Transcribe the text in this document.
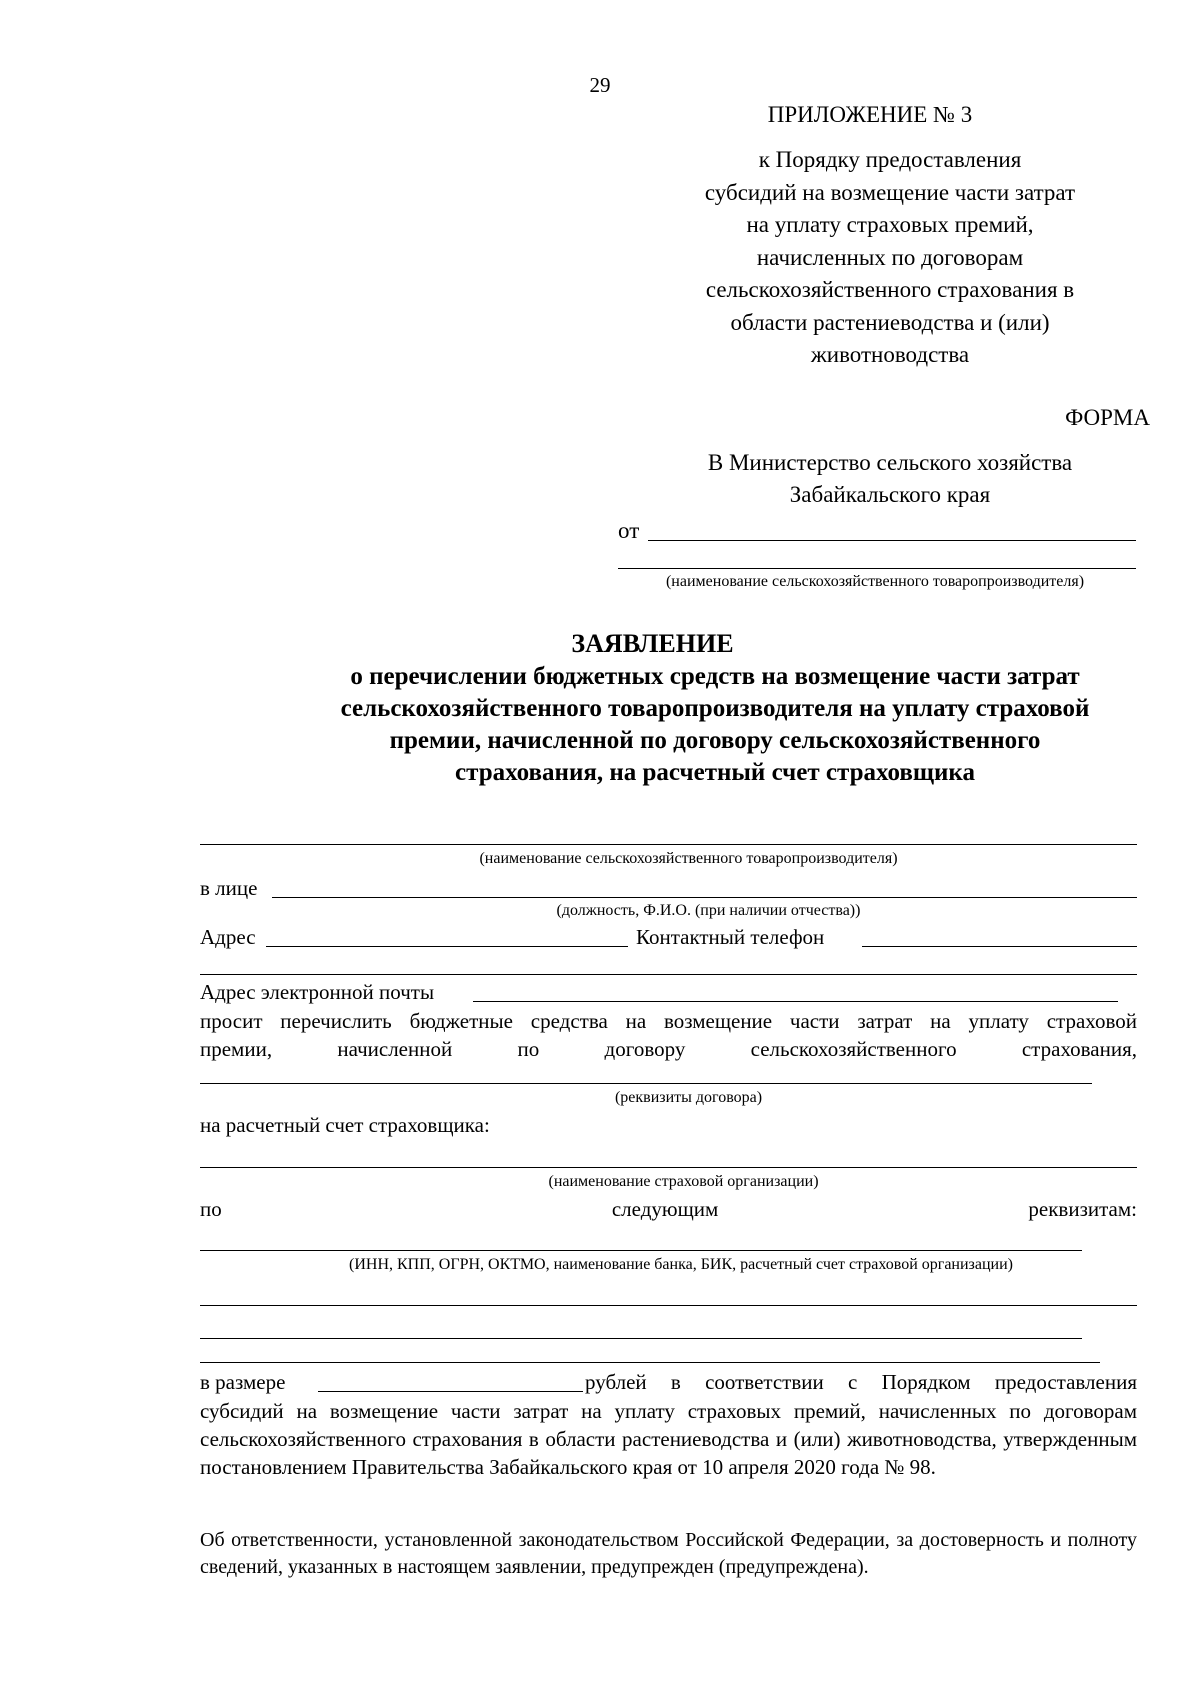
29
ПРИЛОЖЕНИЕ № 3
к Порядку предоставления
субсидий на возмещение части затрат
на уплату страховых премий,
начисленных по договорам
сельскохозяйственного страхования в
области растениеводства и (или)
животноводства
ФОРМА
В Министерство сельского хозяйства
Забайкальского края
от
(наименование сельскохозяйственного товаропроизводителя)
ЗАЯВЛЕНИЕ
о перечислении бюджетных средств на возмещение части затрат
сельскохозяйственного товаропроизводителя на уплату страховой
премии, начисленной по договору сельскохозяйственного
страхования, на расчетный счет страховщика
(наименование сельскохозяйственного товаропроизводителя)
в лице
(должность, Ф.И.О. (при наличии отчества))
Адрес	Контактный телефон
Адрес электронной почты
просит перечислить бюджетные средства на возмещение части затрат на уплату страховой
премии, начисленной по договору сельскохозяйственного страхования,
(реквизиты договора)
на расчетный счет страховщика:
(наименование страховой организации)
по	следующим	реквизитам:
(ИНН, КПП, ОГРН, ОКТМО, наименование банка, БИК, расчетный счет страховой организации)
в размере	рублей в соответствии с Порядком предоставления
субсидий на возмещение части затрат на уплату страховых премий, начисленных по договорам сельскохозяйственного страхования в области растениеводства и (или) животноводства, утвержденным постановлением Правительства Забайкальского края от 10 апреля 2020 года № 98.
Об ответственности, установленной законодательством Российской Федерации, за достоверность и полноту сведений, указанных в настоящем заявлении, предупрежден (предупреждена).
